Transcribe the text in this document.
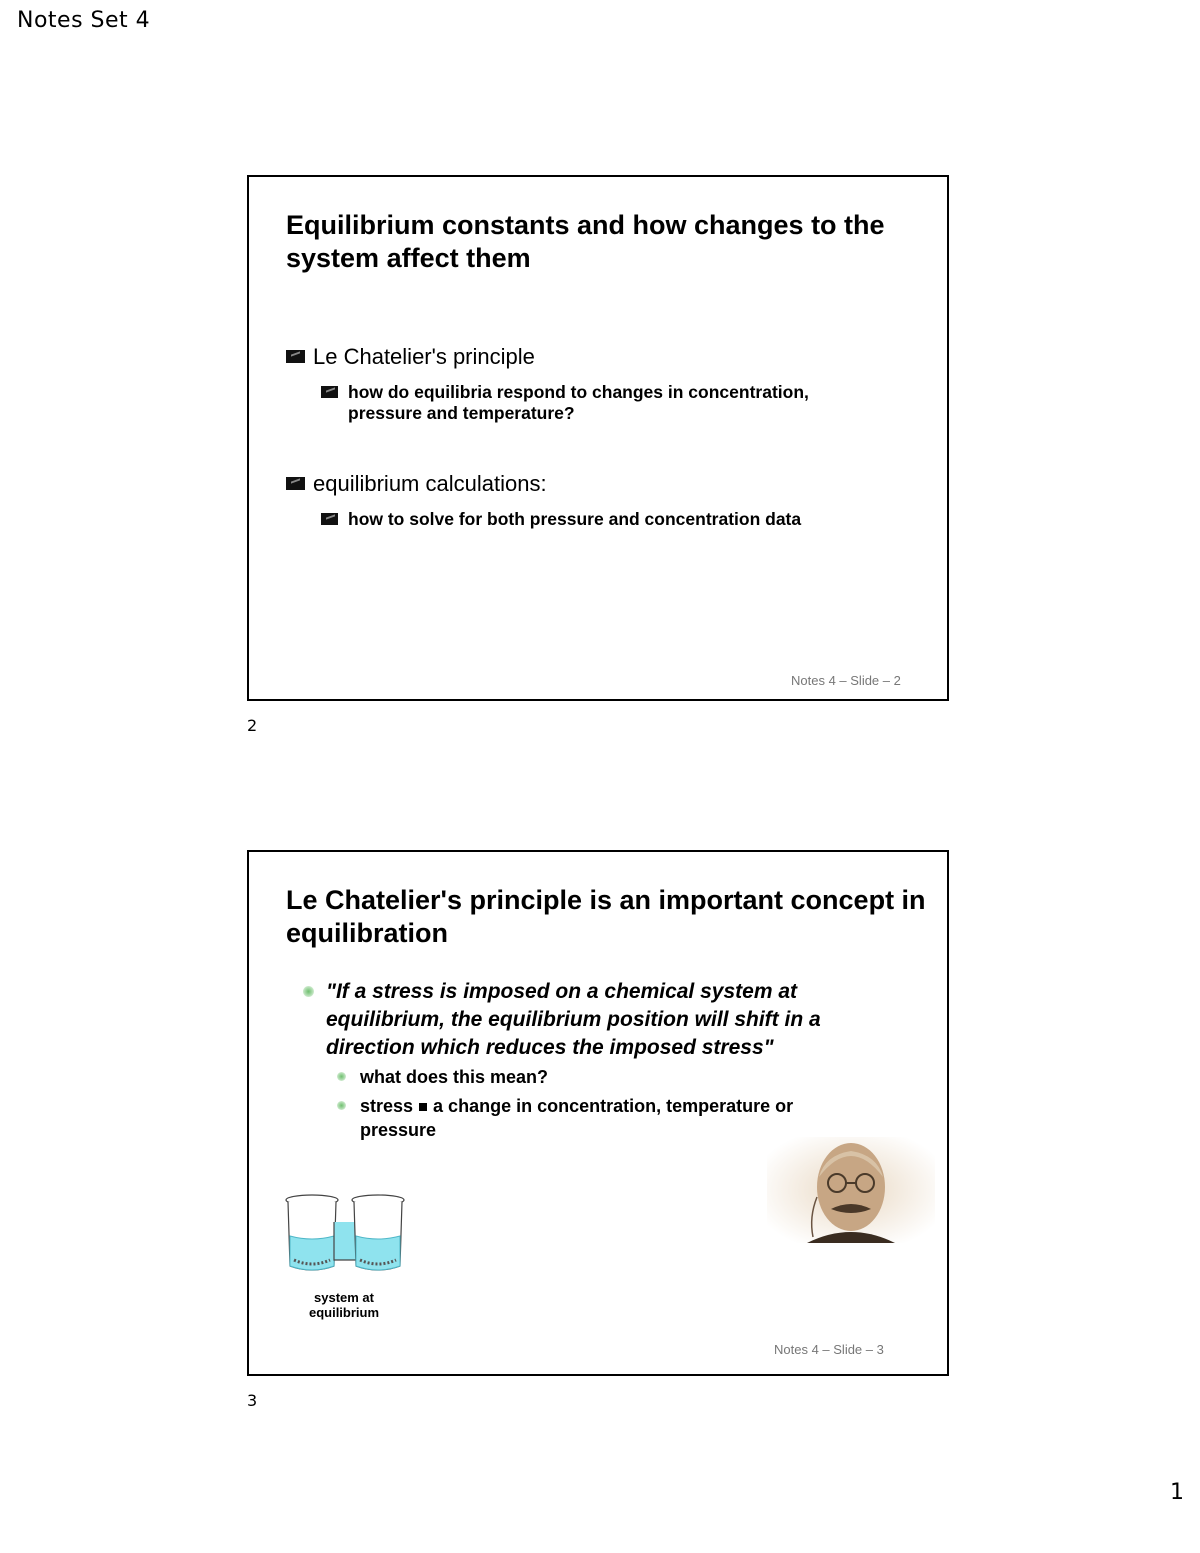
Notes Set 4
Equilibrium constants and how changes to the system affect them
Le Chatelier's principle
how do equilibria respond to changes in concentration, pressure and temperature?
equilibrium calculations:
how to solve for both pressure and concentration data
Notes 4 – Slide – 2
2
Le Chatelier's principle is an important concept in equilibration
"If a stress is imposed on a chemical system at equilibrium, the equilibrium position will shift in a direction which reduces the imposed stress"
what does this mean?
stress a change in concentration, temperature or pressure
system at equilibrium
Notes 4 – Slide – 3
3
1
